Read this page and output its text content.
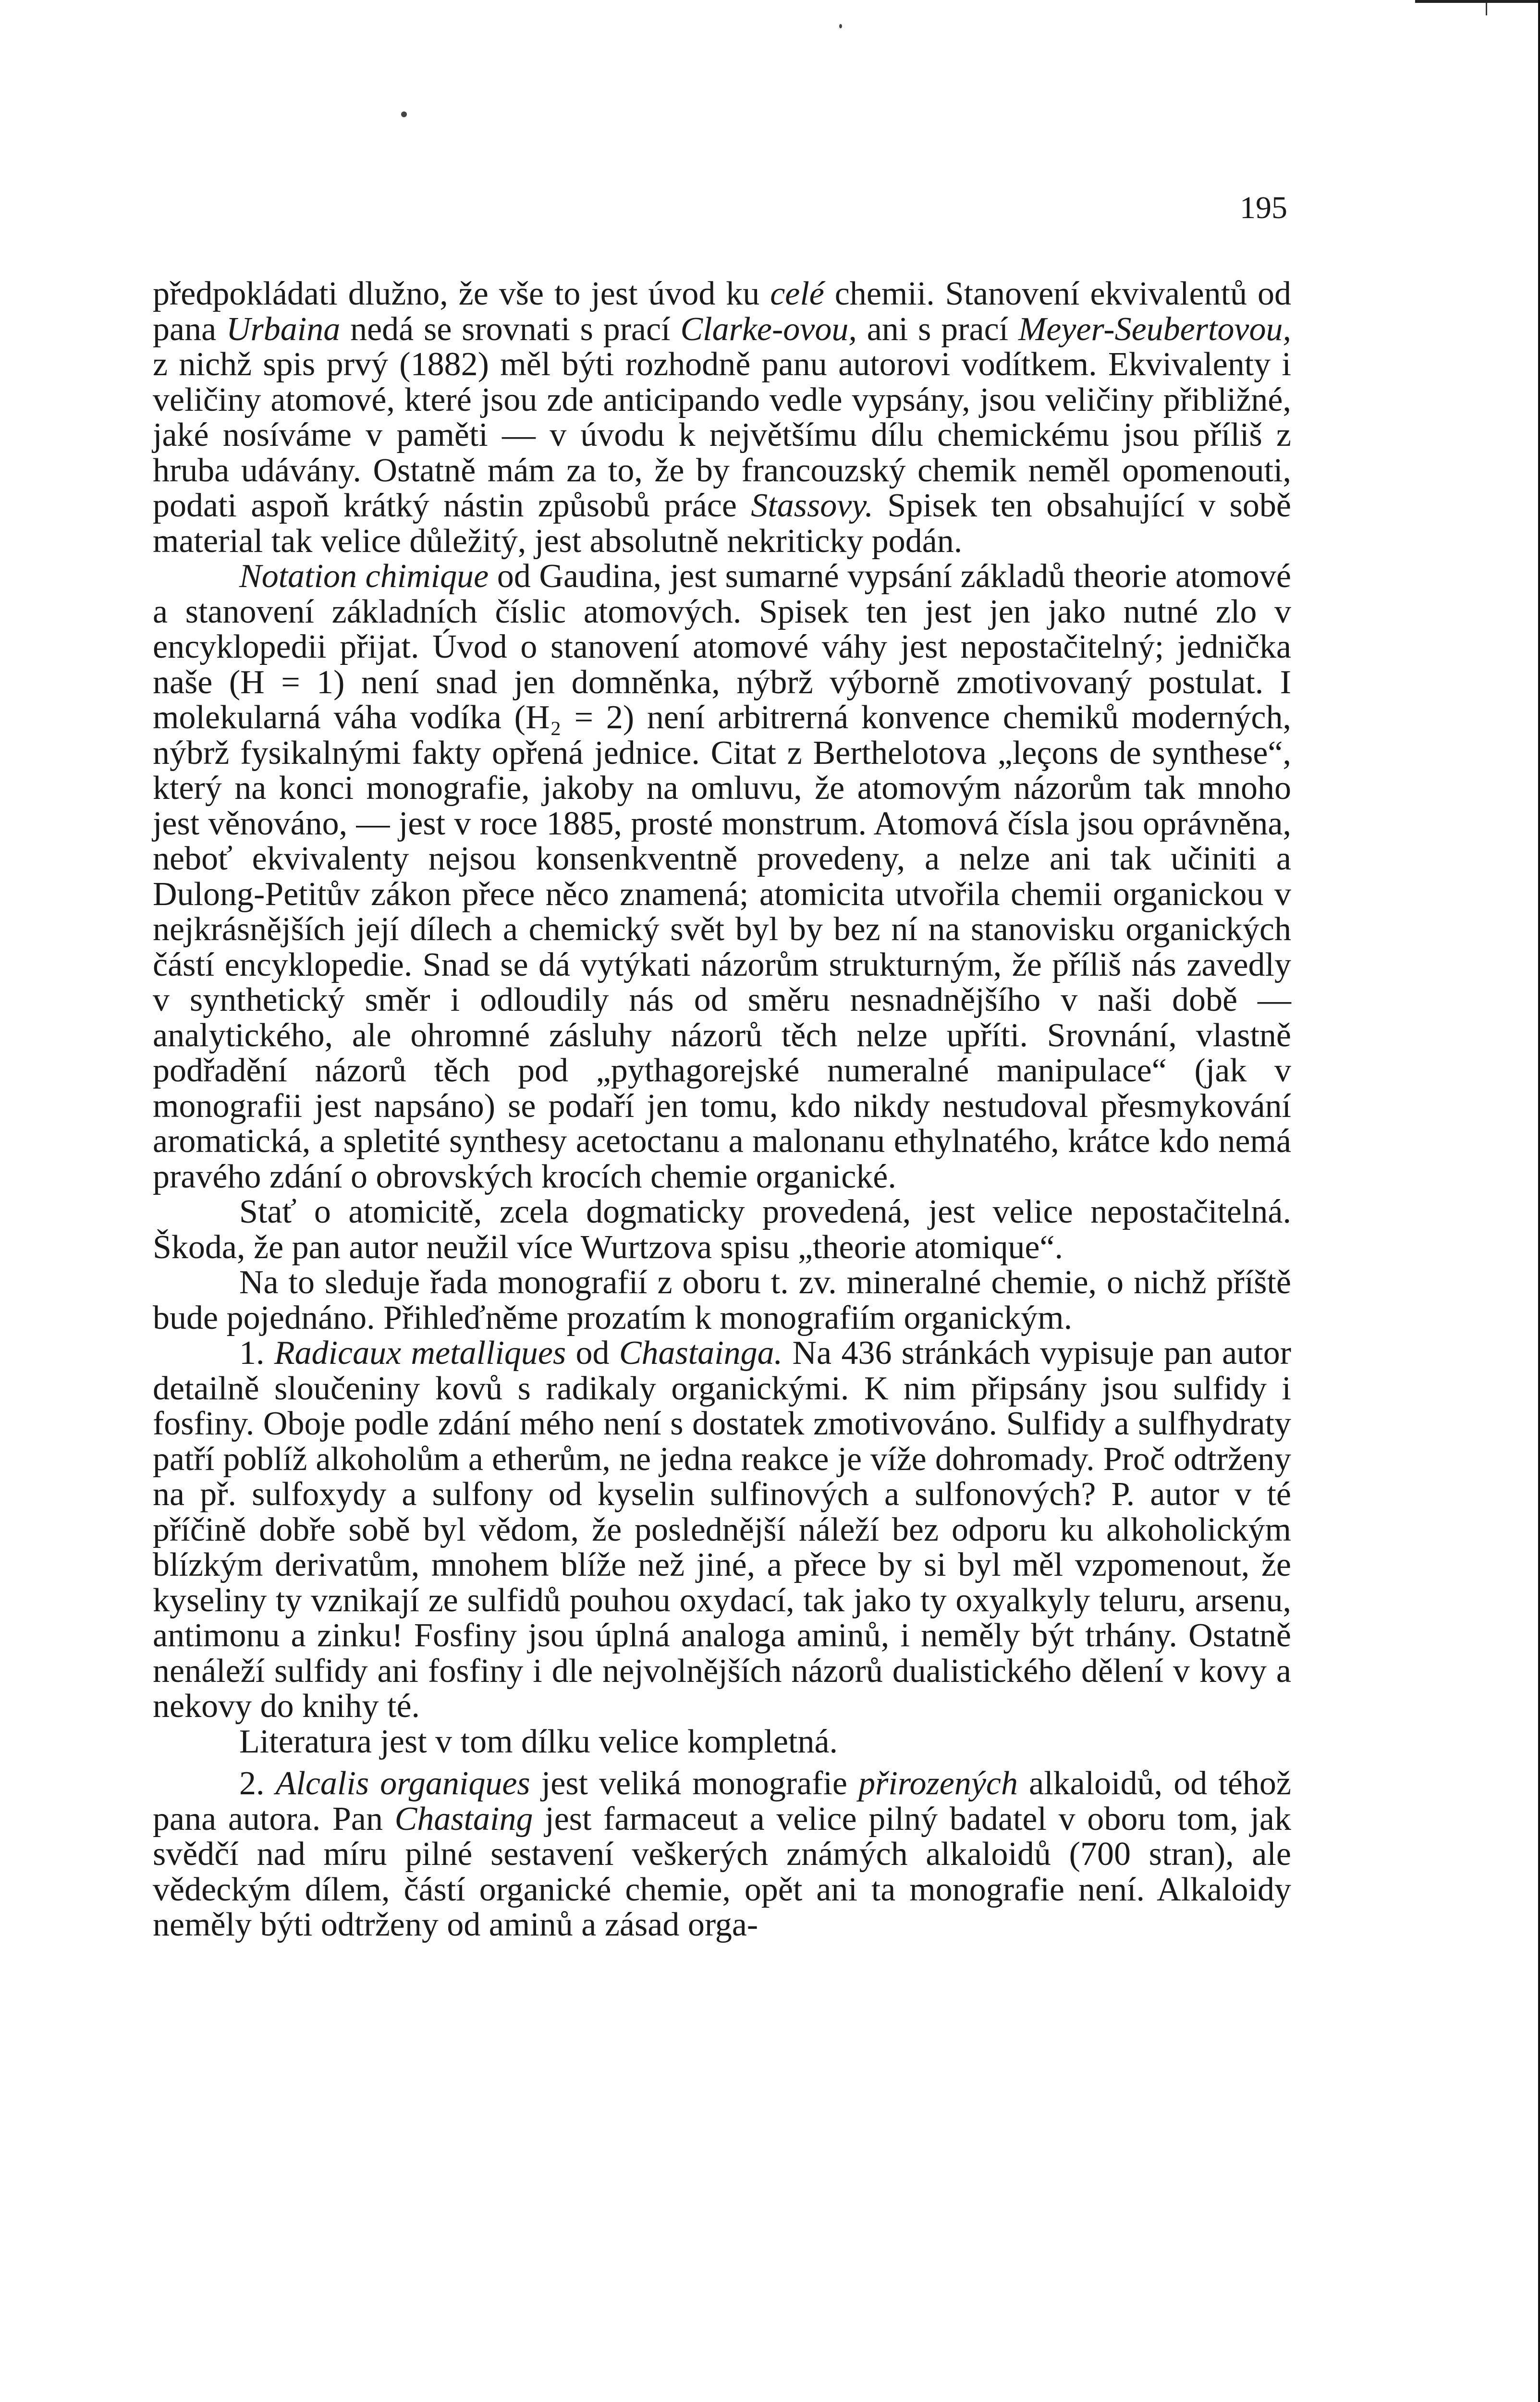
195

předpokládati dlužno, že vše to jest úvod ku celé chemii. Stanovení ekvivalentů od pana Urbaina nedá se srovnati s prací Clarke-ovou, ani s prací Meyer-Seubertovou, z nichž spis prvý (1882) měl býti rozhodně panu autorovi vodítkem. Ekvivalenty i veličiny atomové, které jsou zde anticipando vedle vypsány, jsou veličiny přibližné, jaké nosíváme v paměti — v úvodu k největšímu dílu chemickému jsou příliš z hruba udávány. Ostatně mám za to, že by francouzský chemik neměl opomenouti, podati aspoň krátký nástin způsobů práce Stassovy. Spisek ten obsahující v sobě material tak velice důležitý, jest absolutně nekriticky podán.

Notation chimique od Gaudina, jest sumarné vypsání základů theorie atomové a stanovení základních číslic atomových. Spisek ten jest jen jako nutné zlo v encyklopedii přijat. Úvod o stanovení atomové váhy jest nepostačitelný; jednička naše (H = 1) není snad jen domněnka, nýbrž výborně zmotivovaný postulat. I molekularná váha vodíka (H₂ = 2) není arbitrerná konvence chemiků moderných, nýbrž fysikalnými fakty opřená jednice. Citat z Berthelotova „leçons de synthese“, který na konci monografie, jakoby na omluvu, že atomovým názorům tak mnoho jest věnováno, — jest v roce 1885, prosté monstrum. Atomová čísla jsou oprávněna, neboť ekvivalenty nejsou konsenkventně provedeny, a nelze ani tak učiniti a Dulong-Petitův zákon přece něco znamená; atomicita utvořila chemii organickou v nejkrásnějších její dílech a chemický svět byl by bez ní na stanovisku organických částí encyklopedie. Snad se dá vytýkati názorům strukturným, že příliš nás zavedly v synthetický směr i odloudily nás od směru nesnadnějšího v naši době — analytického, ale ohromné zásluhy názorů těch nelze upříti. Srovnání, vlastně podřadění názorů těch pod „pythagorejské numeralné manipulace“ (jak v monografii jest napsáno) se podaří jen tomu, kdo nikdy nestudoval přesmykování aromatická, a spletité synthesy acetoctanu a malonanu ethylnatého, krátce kdo nemá pravého zdání o obrovských krocích chemie organické.

Stať o atomicitě, zcela dogmaticky provedená, jest velice nepostačitelná. Škoda, že pan autor neužil více Wurtzova spisu „theorie atomique“.

Na to sleduje řada monografií z oboru t. zv. mineralné chemie, o nichž příště bude pojednáno. Přihleďněme prozatím k monografiím organickým.

1. Radicaux metalliques od Chastainga. Na 436 stránkách vypisuje pan autor detailně sloučeniny kovů s radikaly organickými. K nim připsány jsou sulfidy i fosfiny. Oboje podle zdání mého není s dostatek zmotivováno. Sulfidy a sulfhydraty patří poblíž alkoholům a etherům, ne jedna reakce je víže dohromady. Proč odtrženy na př. sulfoxydy a sulfony od kyselin sulfinových a sulfonových? P. autor v té příčině dobře sobě byl vědom, že poslednější náleží bez odporu ku alkoholickým blízkým derivatům, mnohem blíže než jiné, a přece by si byl měl vzpomenout, že kyseliny ty vznikají ze sulfidů pouhou oxydací, tak jako ty oxyalkyly teluru, arsenu, antimonu a zinku! Fosfiny jsou úplná analoga aminů, i neměly být trhány. Ostatně nenáleží sulfidy ani fosfiny i dle nejvolnějších názorů dualistického dělení v kovy a nekovy do knihy té.

Literatura jest v tom dílku velice kompletná.

2. Alcalis organiques jest veliká monografie přirozených alkaloidů, od téhož pana autora. Pan Chastaing jest farmaceut a velice pilný badatel v oboru tom, jak svědčí nad míru pilné sestavení veškerých známých alkaloidů (700 stran), ale vědeckým dílem, částí organické chemie, opět ani ta monografie není. Alkaloidy neměly býti odtrženy od aminů a zásad orga-
